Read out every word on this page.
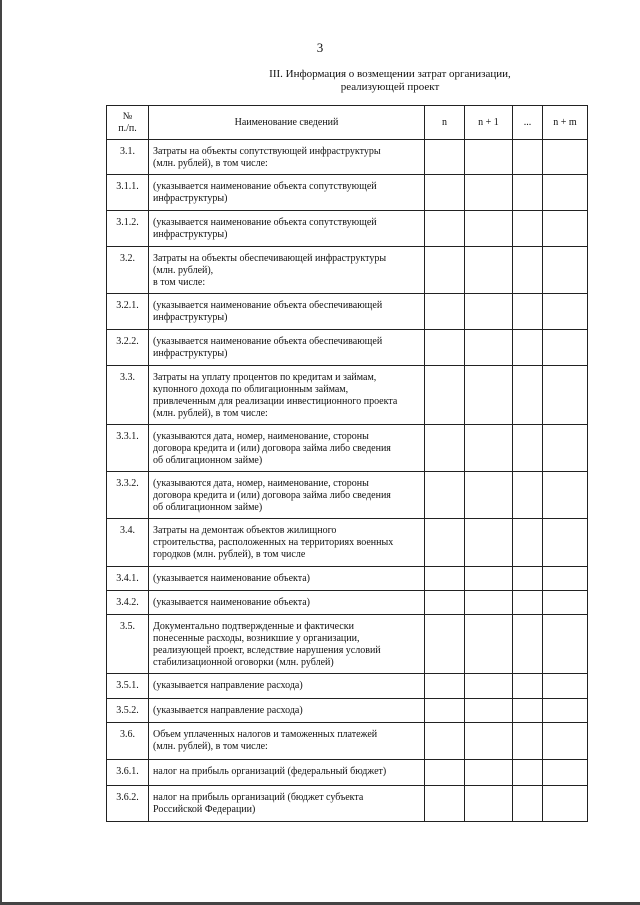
3
III. Информация о возмещении затрат организации,
реализующей проект
№
п./п.	Наименование сведений	n	n + 1	...	n + m
3.1.	Затраты на объекты сопутствующей инфраструктуры
(млн. рублей), в том числе:				
3.1.1.	(указывается наименование объекта сопутствующей
инфраструктуры)				
3.1.2.	(указывается наименование объекта сопутствующей
инфраструктуры)				
3.2.	Затраты на объекты обеспечивающей инфраструктуры
(млн. рублей),
в том числе:				
3.2.1.	(указывается наименование объекта обеспечивающей
инфраструктуры)				
3.2.2.	(указывается наименование объекта обеспечивающей
инфраструктуры)				
3.3.	Затраты на уплату процентов по кредитам и займам,
купонного дохода по облигационным займам,
привлеченным для реализации инвестиционного проекта
(млн. рублей), в том числе:				
3.3.1.	(указываются дата, номер, наименование, стороны
договора кредита и (или) договора займа либо сведения
об облигационном займе)				
3.3.2.	(указываются дата, номер, наименование, стороны
договора кредита и (или) договора займа либо сведения
об облигационном займе)				
3.4.	Затраты на демонтаж объектов жилищного
строительства, расположенных на территориях военных
городков (млн. рублей), в том числе				
3.4.1.	(указывается наименование объекта)				
3.4.2.	(указывается наименование объекта)				
3.5.	Документально подтвержденные и фактически
понесенные расходы, возникшие у организации,
реализующей проект, вследствие нарушения условий
стабилизационной оговорки (млн. рублей)				
3.5.1.	(указывается направление расхода)				
3.5.2.	(указывается направление расхода)				
3.6.	Объем уплаченных налогов и таможенных платежей
(млн. рублей), в том числе:				
3.6.1.	налог на прибыль организаций (федеральный бюджет)				
3.6.2.	налог на прибыль организаций (бюджет субъекта
Российской Федерации)				
